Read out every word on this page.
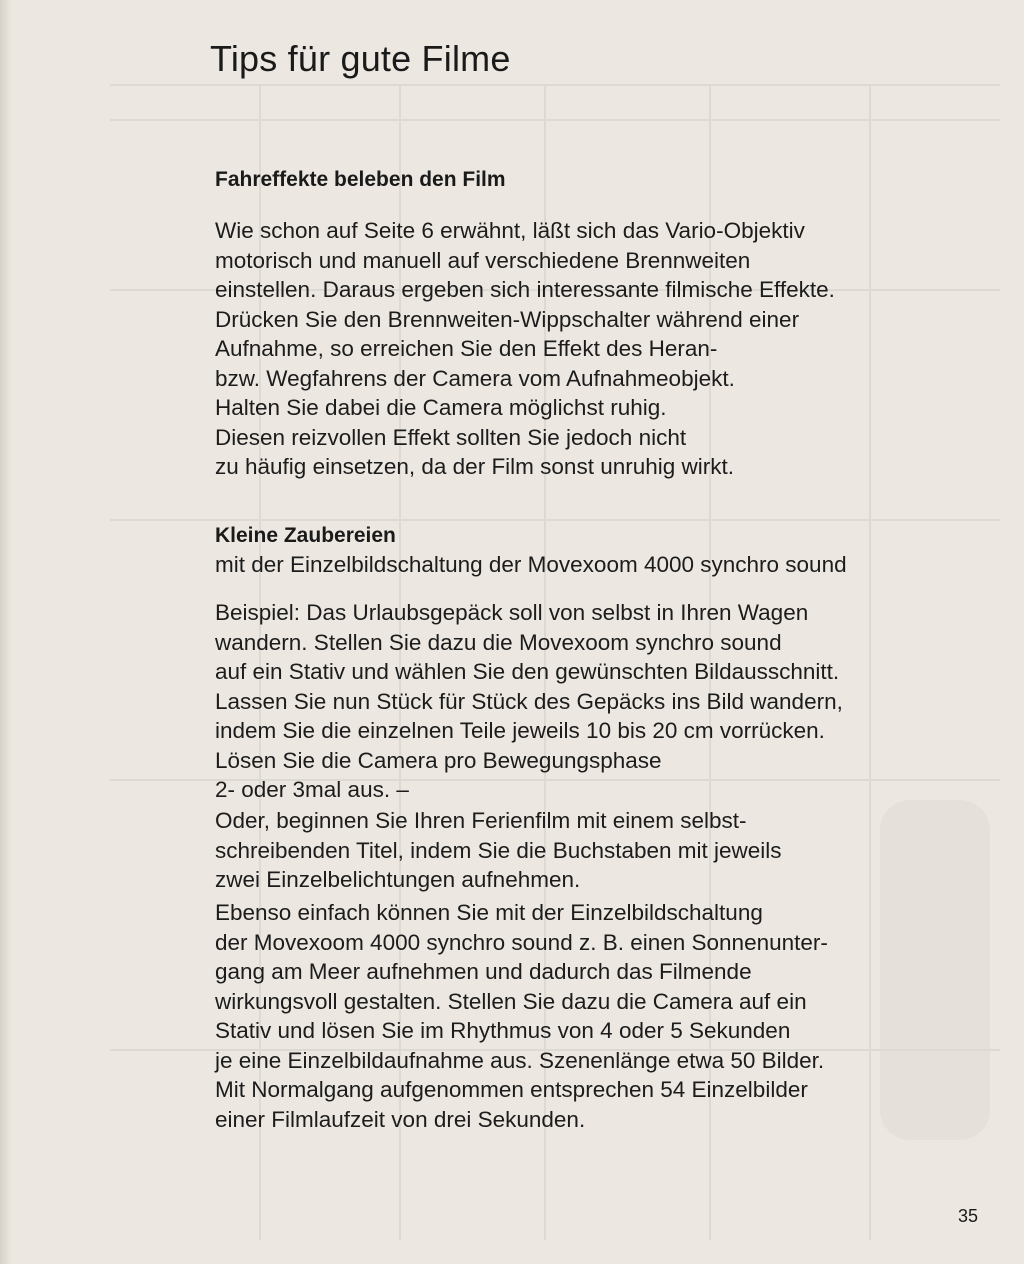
Tips für gute Filme
Fahreffekte beleben den Film

Wie schon auf Seite 6 erwähnt, läßt sich das Vario-Objektiv
motorisch und manuell auf verschiedene Brennweiten
einstellen. Daraus ergeben sich interessante filmische Effekte.
Drücken Sie den Brennweiten-Wippschalter während einer
Aufnahme, so erreichen Sie den Effekt des Heran-
bzw. Wegfahrens der Camera vom Aufnahmeobjekt.
Halten Sie dabei die Camera möglichst ruhig.
Diesen reizvollen Effekt sollten Sie jedoch nicht
zu häufig einsetzen, da der Film sonst unruhig wirkt.

Kleine Zaubereien

mit der Einzelbildschaltung der Movexoom 4000 synchro sound

Beispiel: Das Urlaubsgepäck soll von selbst in Ihren Wagen
wandern. Stellen Sie dazu die Movexoom synchro sound
auf ein Stativ und wählen Sie den gewünschten Bildausschnitt.
Lassen Sie nun Stück für Stück des Gepäcks ins Bild wandern,
indem Sie die einzelnen Teile jeweils 10 bis 20 cm vorrücken.
Lösen Sie die Camera pro Bewegungsphase
2- oder 3mal aus. –

Oder, beginnen Sie Ihren Ferienfilm mit einem selbst-
schreibenden Titel, indem Sie die Buchstaben mit jeweils
zwei Einzelbelichtungen aufnehmen.

Ebenso einfach können Sie mit der Einzelbildschaltung
der Movexoom 4000 synchro sound z. B. einen Sonnenunter-
gang am Meer aufnehmen und dadurch das Filmende
wirkungsvoll gestalten. Stellen Sie dazu die Camera auf ein
Stativ und lösen Sie im Rhythmus von 4 oder 5 Sekunden
je eine Einzelbildaufnahme aus. Szenenlänge etwa 50 Bilder.
Mit Normalgang aufgenommen entsprechen 54 Einzelbilder
einer Filmlaufzeit von drei Sekunden.

35
